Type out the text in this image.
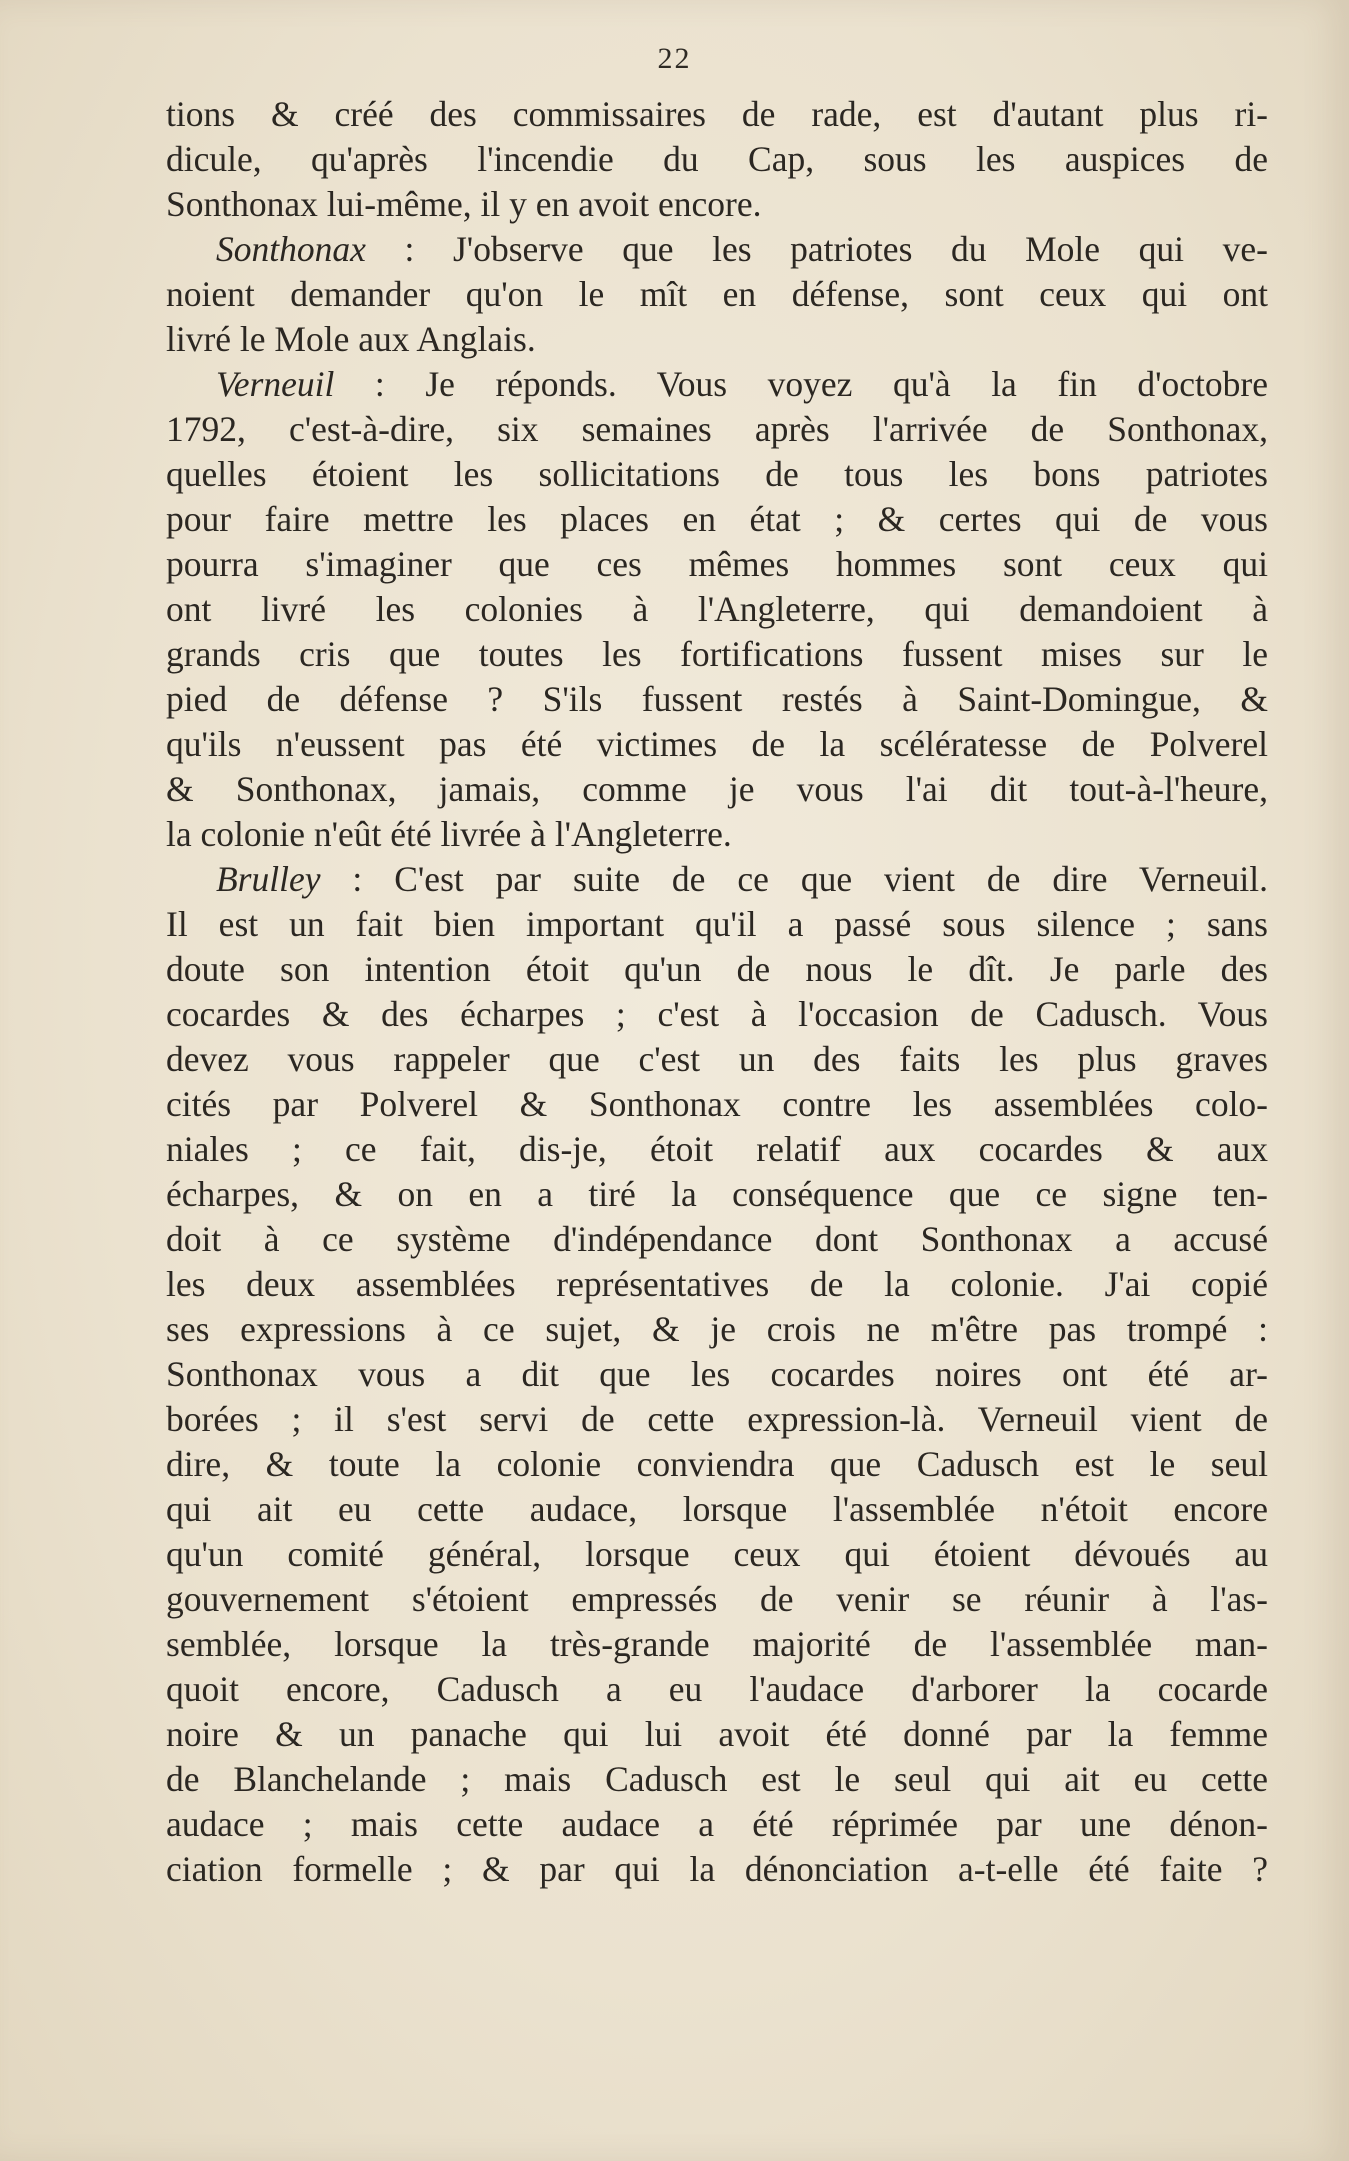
22
tions & créé des commissaires de rade, est d'autant plus ri-
dicule, qu'après l'incendie du Cap, sous les auspices de
Sonthonax lui-même, il y en avoit encore.
Sonthonax : J'observe que les patriotes du Mole qui ve-
noient demander qu'on le mît en défense, sont ceux qui ont
livré le Mole aux Anglais.
Verneuil : Je réponds. Vous voyez qu'à la fin d'octobre
1792, c'est-à-dire, six semaines après l'arrivée de Sonthonax,
quelles étoient les sollicitations de tous les bons patriotes
pour faire mettre les places en état ; & certes qui de vous
pourra s'imaginer que ces mêmes hommes sont ceux qui
ont livré les colonies à l'Angleterre, qui demandoient à
grands cris que toutes les fortifications fussent mises sur le
pied de défense ? S'ils fussent restés à Saint-Domingue, &
qu'ils n'eussent pas été victimes de la scélératesse de Polverel
& Sonthonax, jamais, comme je vous l'ai dit tout-à-l'heure,
la colonie n'eût été livrée à l'Angleterre.
Brulley : C'est par suite de ce que vient de dire Verneuil.
Il est un fait bien important qu'il a passé sous silence ; sans
doute son intention étoit qu'un de nous le dît. Je parle des
cocardes & des écharpes ; c'est à l'occasion de Cadusch. Vous
devez vous rappeler que c'est un des faits les plus graves
cités par Polverel & Sonthonax contre les assemblées colo-
niales ; ce fait, dis-je, étoit relatif aux cocardes & aux
écharpes, & on en a tiré la conséquence que ce signe ten-
doit à ce système d'indépendance dont Sonthonax a accusé
les deux assemblées représentatives de la colonie. J'ai copié
ses expressions à ce sujet, & je crois ne m'être pas trompé :
Sonthonax vous a dit que les cocardes noires ont été ar-
borées ; il s'est servi de cette expression-là. Verneuil vient de
dire, & toute la colonie conviendra que Cadusch est le seul
qui ait eu cette audace, lorsque l'assemblée n'étoit encore
qu'un comité général, lorsque ceux qui étoient dévoués au
gouvernement s'étoient empressés de venir se réunir à l'as-
semblée, lorsque la très-grande majorité de l'assemblée man-
quoit encore, Cadusch a eu l'audace d'arborer la cocarde
noire & un panache qui lui avoit été donné par la femme
de Blanchelande ; mais Cadusch est le seul qui ait eu cette
audace ; mais cette audace a été réprimée par une dénon-
ciation formelle ; & par qui la dénonciation a-t-elle été faite ?
